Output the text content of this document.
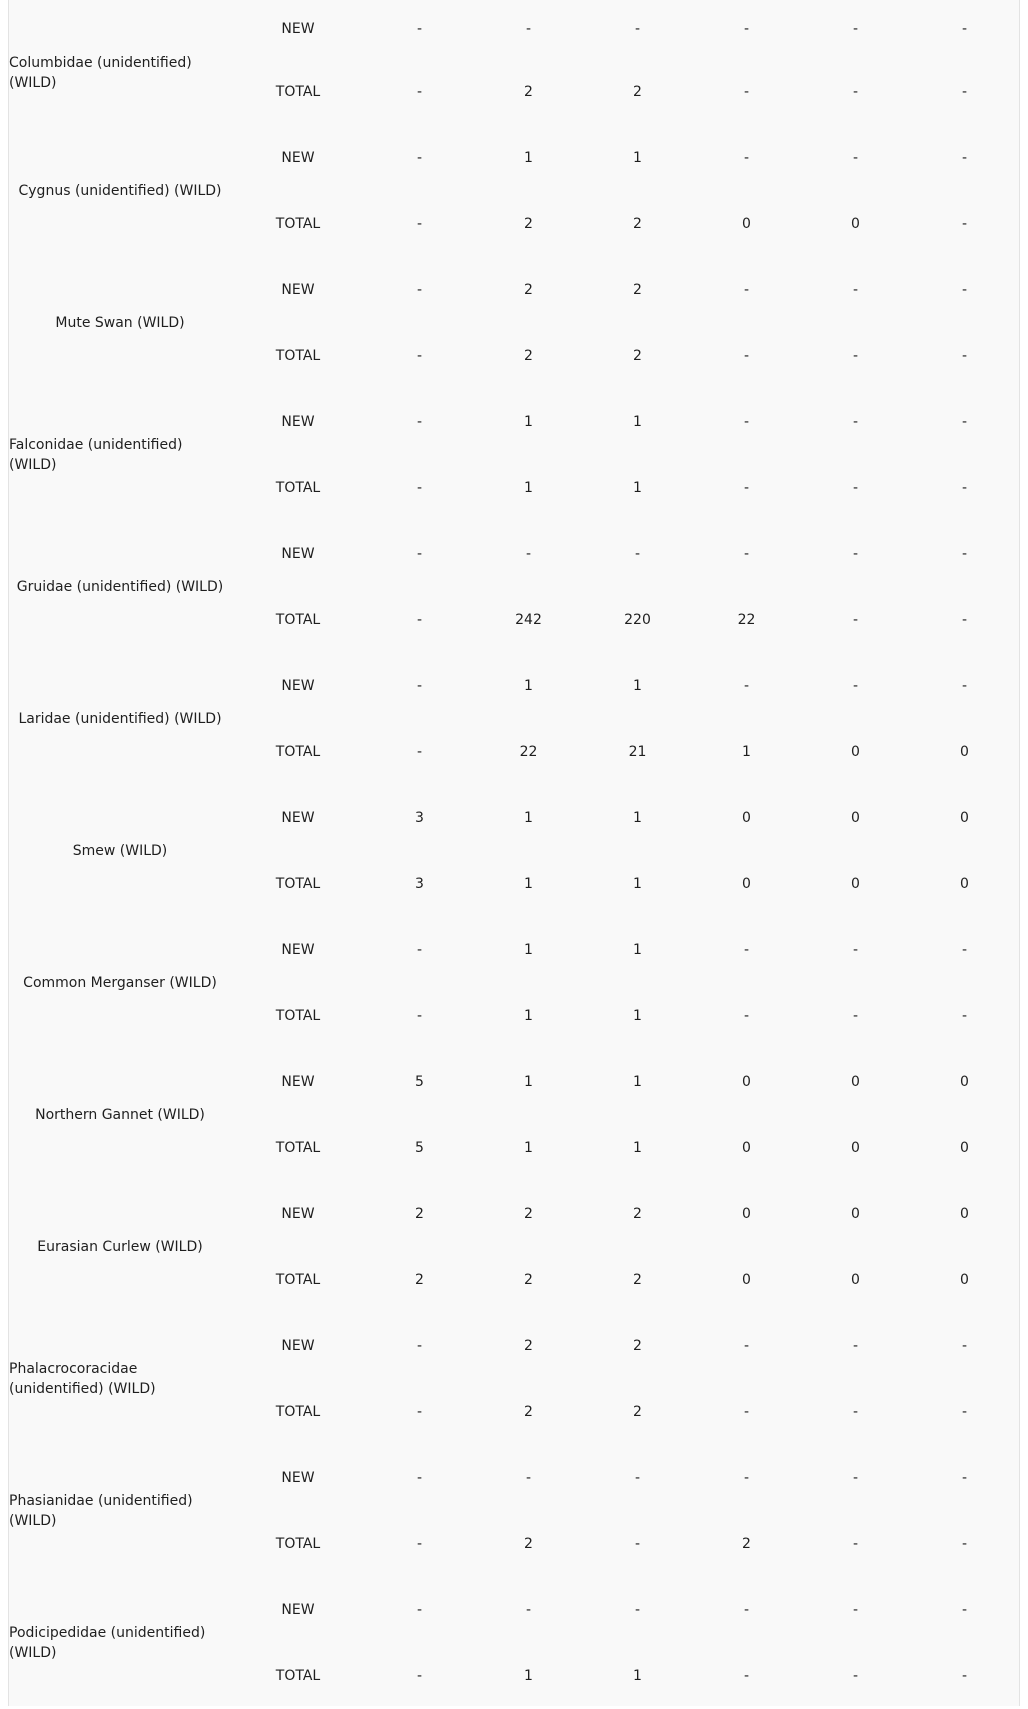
Columbidae (unidentified) (WILD)	NEW	-	-	-	-	-	-
	TOTAL	-	2	2	-	-	-
Cygnus (unidentified) (WILD)	NEW	-	1	1	-	-	-
	TOTAL	-	2	2	0	0	-
Mute Swan (WILD)	NEW	-	2	2	-	-	-
	TOTAL	-	2	2	-	-	-
Falconidae (unidentified) (WILD)	NEW	-	1	1	-	-	-
	TOTAL	-	1	1	-	-	-
Gruidae (unidentified) (WILD)	NEW	-	-	-	-	-	-
	TOTAL	-	242	220	22	-	-
Laridae (unidentified) (WILD)	NEW	-	1	1	-	-	-
	TOTAL	-	22	21	1	0	0
Smew (WILD)	NEW	3	1	1	0	0	0
	TOTAL	3	1	1	0	0	0
Common Merganser (WILD)	NEW	-	1	1	-	-	-
	TOTAL	-	1	1	-	-	-
Northern Gannet (WILD)	NEW	5	1	1	0	0	0
	TOTAL	5	1	1	0	0	0
Eurasian Curlew (WILD)	NEW	2	2	2	0	0	0
	TOTAL	2	2	2	0	0	0
Phalacrocoracidae (unidentified) (WILD)	NEW	-	2	2	-	-	-
	TOTAL	-	2	2	-	-	-
Phasianidae (unidentified) (WILD)	NEW	-	-	-	-	-	-
	TOTAL	-	2	-	2	-	-
Podicipedidae (unidentified) (WILD)	NEW	-	-	-	-	-	-
	TOTAL	-	1	1	-	-	-
